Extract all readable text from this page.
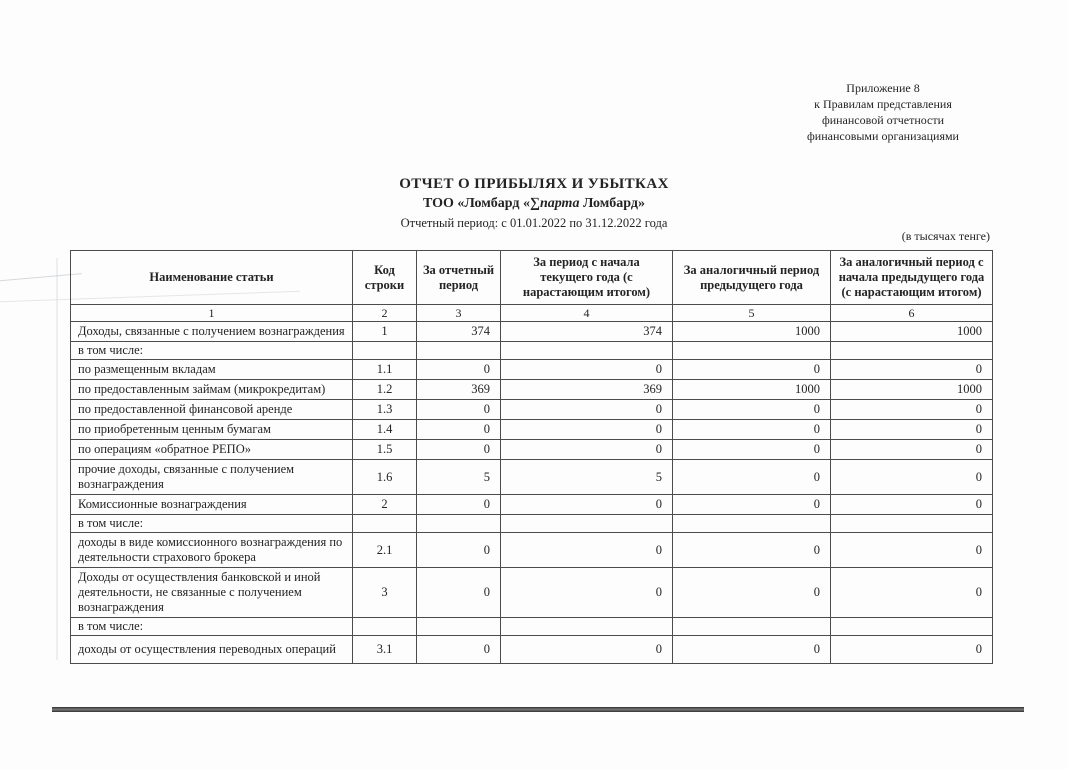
Приложение 8
к Правилам представления
финансовой отчетности
финансовыми организациями
ОТЧЕТ О ПРИБЫЛЯХ И УБЫТКАХ
ТОО «Ломбард «∑парта Ломбард»
Отчетный период: с 01.01.2022 по 31.12.2022 года
(в тысячах тенге)
Наименование статьи	Код строки	За отчетный период	За период с начала текущего года (с нарастающим итогом)	За аналогичный период предыдущего года	За аналогичный период с начала предыдущего года (с нарастающим итогом)
1	2	3	4	5	6
Доходы, связанные с получением вознаграждения	1	374	374	1000	1000
в том числе:					
по размещенным вкладам	1.1	0	0	0	0
по предоставленным займам (микрокредитам)	1.2	369	369	1000	1000
по предоставленной финансовой аренде	1.3	0	0	0	0
по приобретенным ценным бумагам	1.4	0	0	0	0
по операциям «обратное РЕПО»	1.5	0	0	0	0
прочие доходы, связанные с получением вознаграждения	1.6	5	5	0	0
Комиссионные вознаграждения	2	0	0	0	0
в том числе:					
доходы в виде комиссионного вознаграждения по деятельности страхового брокера	2.1	0	0	0	0
Доходы от осуществления банковской и иной деятельности, не связанные с получением вознаграждения	3	0	0	0	0
в том числе:					
доходы от осуществления переводных операций	3.1	0	0	0	0
